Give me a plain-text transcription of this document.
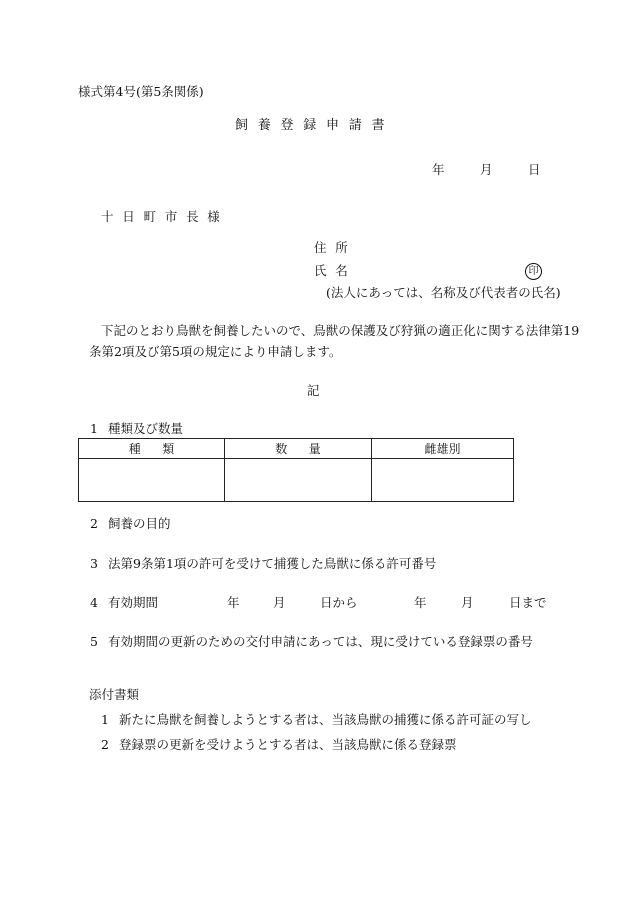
様式第4号(第5条関係)
飼養登録申請書
年	月	日
十日町市長様
住所
氏名	印
(法人にあっては、名称及び代表者の氏名)
下記のとおり鳥獣を飼養したいので、鳥獣の保護及び狩猟の適正化に関する法律第19
条第2項及び第5項の規定により申請します。
記
1 種類及び数量
種類	数量	雌雄別

2 飼養の目的
3 法第9条第1項の許可を受けて捕獲した鳥獣に係る許可番号
4 有効期間	年	月	日から	年	月	日まで
5 有効期間の更新のための交付申請にあっては、現に受けている登録票の番号
添付書類
1 新たに鳥獣を飼養しようとする者は、当該鳥獣の捕獲に係る許可証の写し
2 登録票の更新を受けようとする者は、当該鳥獣に係る登録票
